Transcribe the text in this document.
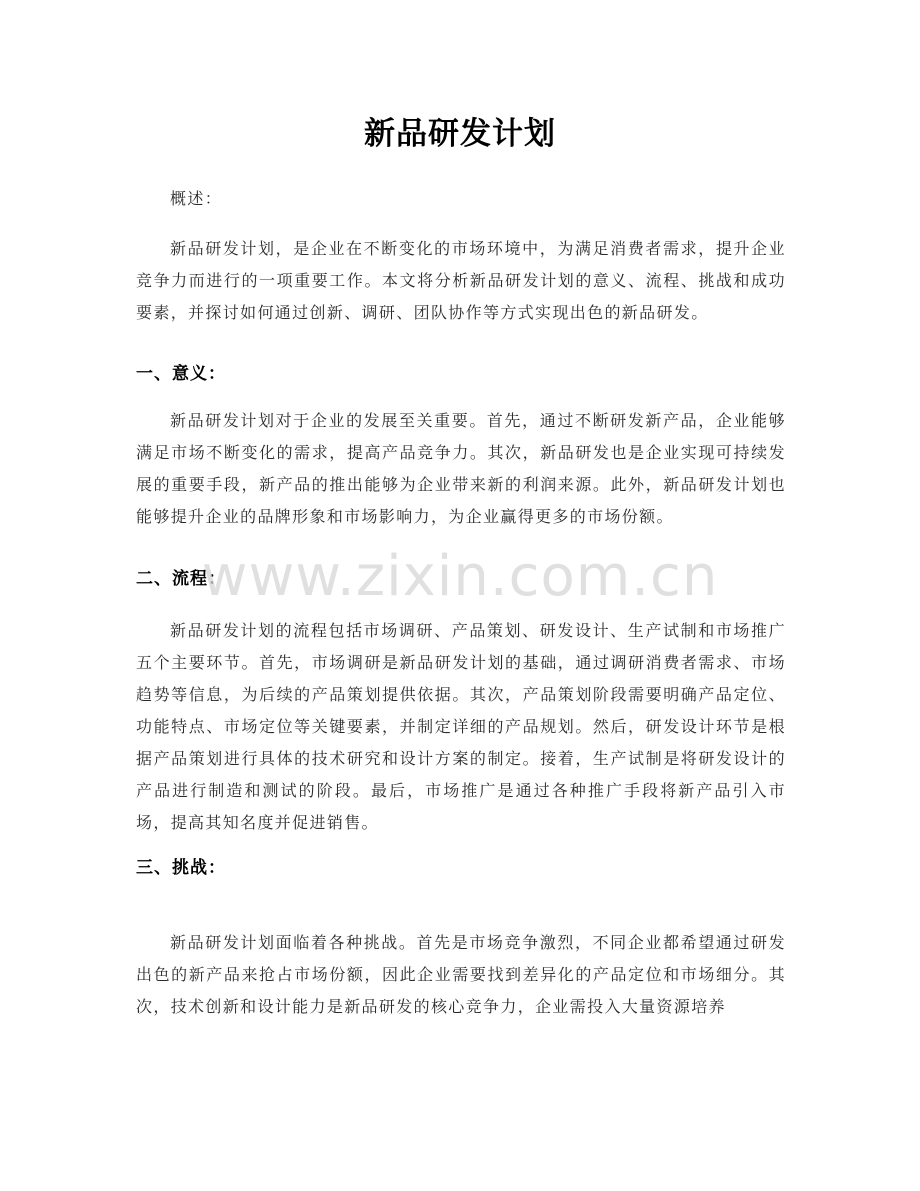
新品研发计划

概述：

新品研发计划，是企业在不断变化的市场环境中，为满足消费者需求，提升企业竞争力而进行的一项重要工作。本文将分析新品研发计划的意义、流程、挑战和成功要素，并探讨如何通过创新、调研、团队协作等方式实现出色的新品研发。

一、意义：

新品研发计划对于企业的发展至关重要。首先，通过不断研发新产品，企业能够满足市场不断变化的需求，提高产品竞争力。其次，新品研发也是企业实现可持续发展的重要手段，新产品的推出能够为企业带来新的利润来源。此外，新品研发计划也能够提升企业的品牌形象和市场影响力，为企业赢得更多的市场份额。

二、流程：

新品研发计划的流程包括市场调研、产品策划、研发设计、生产试制和市场推广五个主要环节。首先，市场调研是新品研发计划的基础，通过调研消费者需求、市场趋势等信息，为后续的产品策划提供依据。其次，产品策划阶段需要明确产品定位、功能特点、市场定位等关键要素，并制定详细的产品规划。然后，研发设计环节是根据产品策划进行具体的技术研究和设计方案的制定。接着，生产试制是将研发设计的产品进行制造和测试的阶段。最后，市场推广是通过各种推广手段将新产品引入市场，提高其知名度并促进销售。

三、挑战：

新品研发计划面临着各种挑战。首先是市场竞争激烈，不同企业都希望通过研发出色的新产品来抢占市场份额，因此企业需要找到差异化的产品定位和市场细分。其次，技术创新和设计能力是新品研发的核心竞争力，企业需投入大量资源培养

www.zixin.com.cn
